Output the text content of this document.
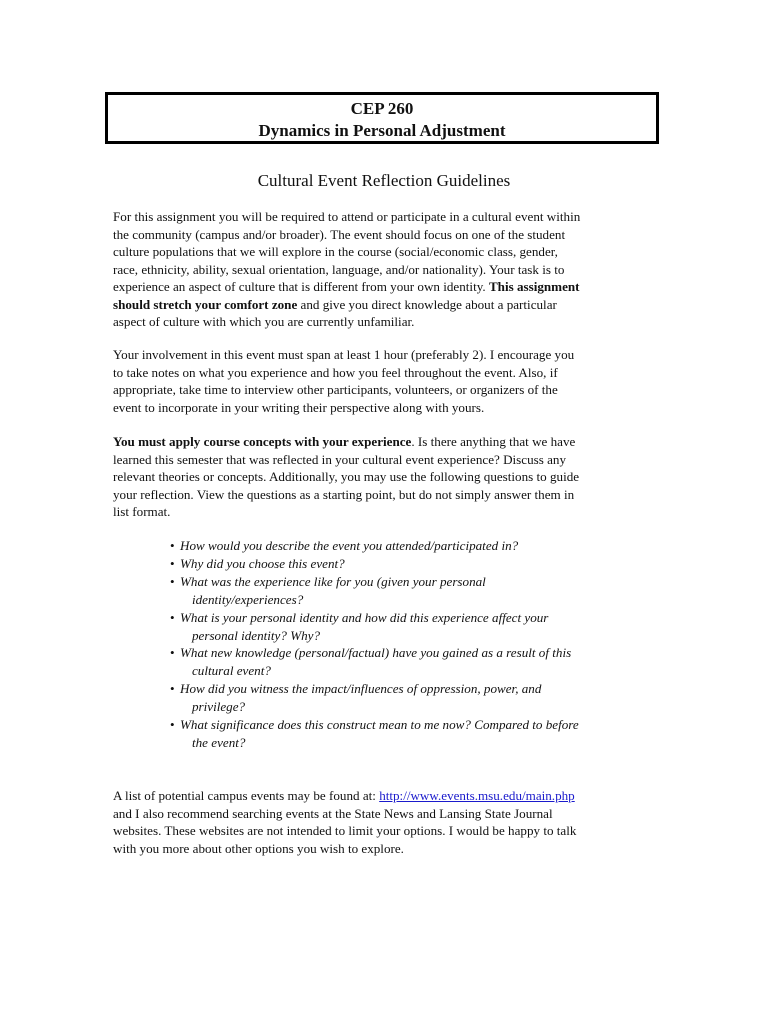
CEP 260
Dynamics in Personal Adjustment
Cultural Event Reflection Guidelines
For this assignment you will be required to attend or participate in a cultural event within
the community (campus and/or broader). The event should focus on one of the student
culture populations that we will explore in the course (social/economic class, gender,
race, ethnicity, ability, sexual orientation, language, and/or nationality). Your task is to
experience an aspect of culture that is different from your own identity. This assignment
should stretch your comfort zone and give you direct knowledge about a particular
aspect of culture with which you are currently unfamiliar.
Your involvement in this event must span at least 1 hour (preferably 2). I encourage you
to take notes on what you experience and how you feel throughout the event. Also, if
appropriate, take time to interview other participants, volunteers, or organizers of the
event to incorporate in your writing their perspective along with yours.
You must apply course concepts with your experience. Is there anything that we have
learned this semester that was reflected in your cultural event experience? Discuss any
relevant theories or concepts. Additionally, you may use the following questions to guide
your reflection. View the questions as a starting point, but do not simply answer them in
list format.
• How would you describe the event you attended/participated in?
• Why did you choose this event?
• What was the experience like for you (given your personal
identity/experiences?
• What is your personal identity and how did this experience affect your
personal identity? Why?
• What new knowledge (personal/factual) have you gained as a result of this
cultural event?
• How did you witness the impact/influences of oppression, power, and
privilege?
• What significance does this construct mean to me now? Compared to before
the event?
A list of potential campus events may be found at: http://www.events.msu.edu/main.php
and I also recommend searching events at the State News and Lansing State Journal
websites. These websites are not intended to limit your options. I would be happy to talk
with you more about other options you wish to explore.
